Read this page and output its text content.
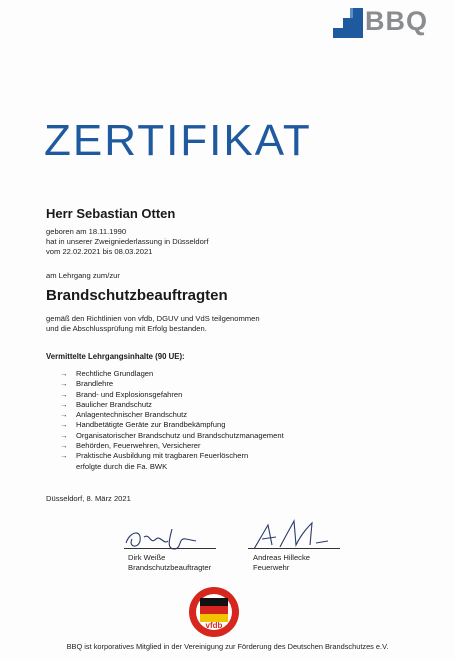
BBQ
ZERTIFIKAT
Herr Sebastian Otten
geboren am 18.11.1990
hat in unserer Zweigniederlassung in Düsseldorf
vom 22.02.2021 bis 08.03.2021
am Lehrgang zum/zur
Brandschutzbeauftragten
gemäß den Richtlinien von vfdb, DGUV und VdS teilgenommen
und die Abschlussprüfung mit Erfolg bestanden.
Vermittelte Lehrgangsinhalte (90 UE):
→	Rechtliche Grundlagen
→	Brandlehre
→	Brand- und Explosionsgefahren
→	Baulicher Brandschutz
→	Anlagentechnischer Brandschutz
→	Handbetätigte Geräte zur Brandbekämpfung
→	Organisatorischer Brandschutz und Brandschutzmanagement
→	Behörden, Feuerwehren, Versicherer
→	Praktische Ausbildung mit tragbaren Feuerlöschern
erfolgte durch die Fa. BWK
Düsseldorf, 8. März 2021
Dirk Weiße
Brandschutzbeauftragter
Andreas Hillecke
Feuerwehr
vfdb
BBQ ist korporatives Mitglied in der Vereinigung zur Förderung des Deutschen Brandschutzes e.V.
